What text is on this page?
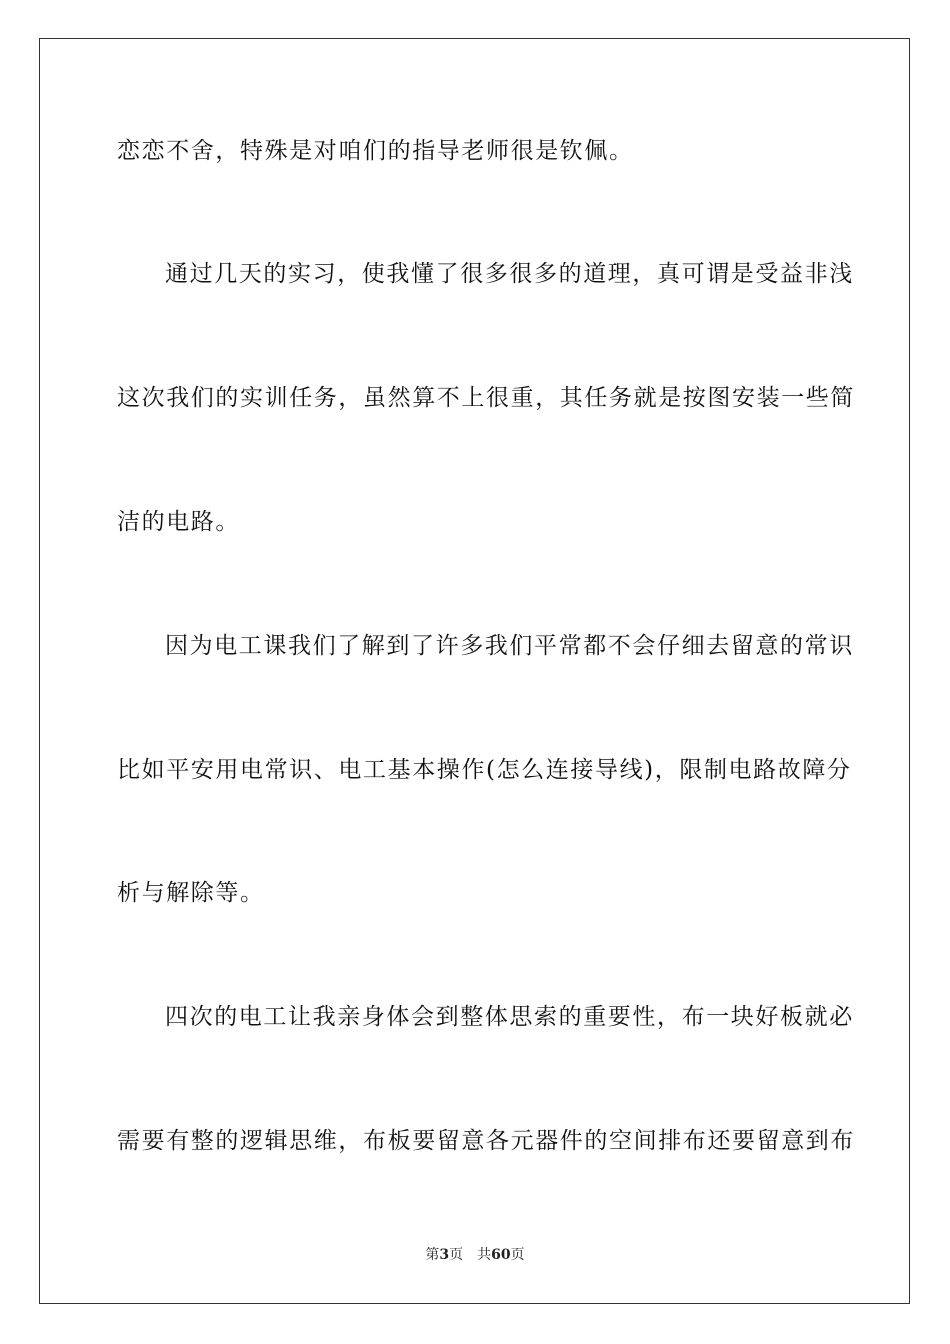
恋恋不舍，特殊是对咱们的指导老师很是钦佩。
通过几天的实习，使我懂了很多很多的道理，真可谓是受益非浅
这次我们的实训任务，虽然算不上很重，其任务就是按图安装一些简
洁的电路。
因为电工课我们了解到了许多我们平常都不会仔细去留意的常识
比如平安用电常识、电工基本操作(怎么连接导线)，限制电路故障分
析与解除等。
四次的电工让我亲身体会到整体思索的重要性，布一块好板就必
需要有整的逻辑思维，布板要留意各元器件的空间排布还要留意到布
第3页 共60页
